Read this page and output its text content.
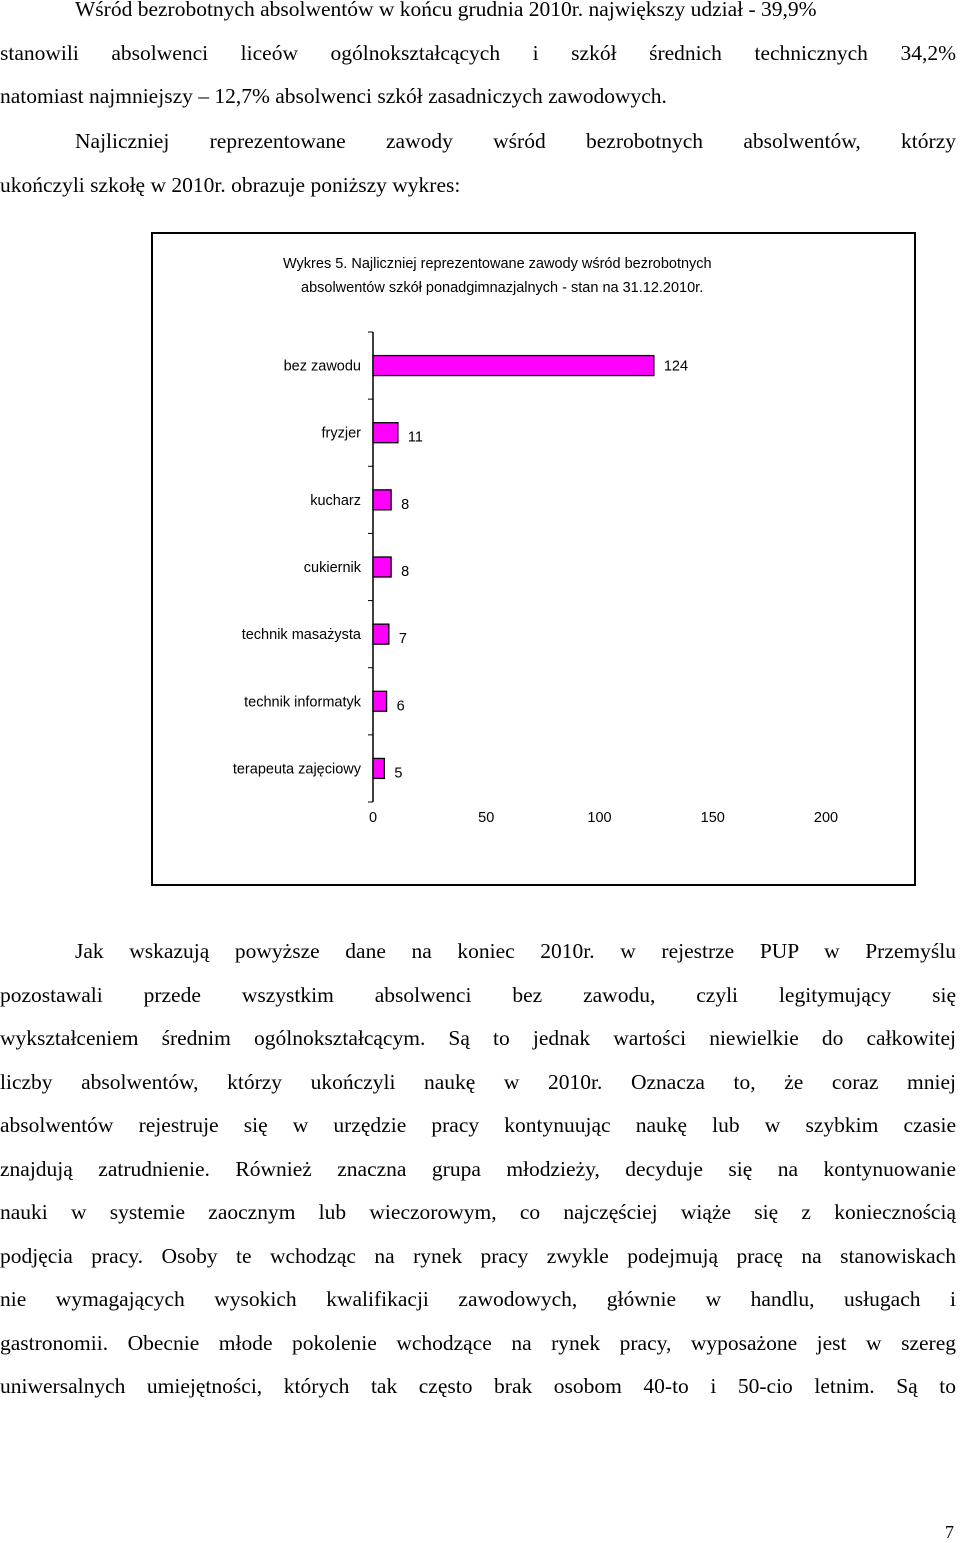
Wśród bezrobotnych absolwentów w końcu grudnia 2010r. największy udział - 39,9%
stanowili absolwenci liceów ogólnokształcących i szkół średnich technicznych 34,2%
natomiast najmniejszy – 12,7% absolwenci szkół zasadniczych zawodowych.
Najliczniej reprezentowane zawody wśród bezrobotnych absolwentów, którzy
ukończyli szkołę w 2010r. obrazuje poniższy wykres:
Wykres 5. Najliczniej reprezentowane zawody wśród bezrobotnych
absolwentów szkół ponadgimnazjalnych - stan na 31.12.2010r.
bez zawodu	124
fryzjer	11
kucharz	8
cukiernik	8
technik masażysta	7
technik informatyk 6
terapeuta zajęciowy 5
0	50	100	150	200
Jak wskazują powyższe dane na koniec 2010r. w rejestrze PUP w Przemyślu
pozostawali przede wszystkim absolwenci bez zawodu, czyli legitymujący się
wykształceniem średnim ogólnokształcącym. Są to jednak wartości niewielkie do całkowitej
liczby absolwentów, którzy ukończyli naukę w 2010r. Oznacza to, że coraz mniej
absolwentów rejestruje się w urzędzie pracy kontynuując naukę lub w szybkim czasie
znajdują zatrudnienie. Również znaczna grupa młodzieży, decyduje się na kontynuowanie
nauki w systemie zaocznym lub wieczorowym, co najczęściej wiąże się z koniecznością
podjęcia pracy. Osoby te wchodząc na rynek pracy zwykle podejmują pracę na stanowiskach
nie wymagających wysokich kwalifikacji zawodowych, głównie w handlu, usługach i
gastronomii. Obecnie młode pokolenie wchodzące na rynek pracy, wyposażone jest w szereg
uniwersalnych umiejętności, których tak często brak osobom 40-to i 50-cio letnim. Są to
7
